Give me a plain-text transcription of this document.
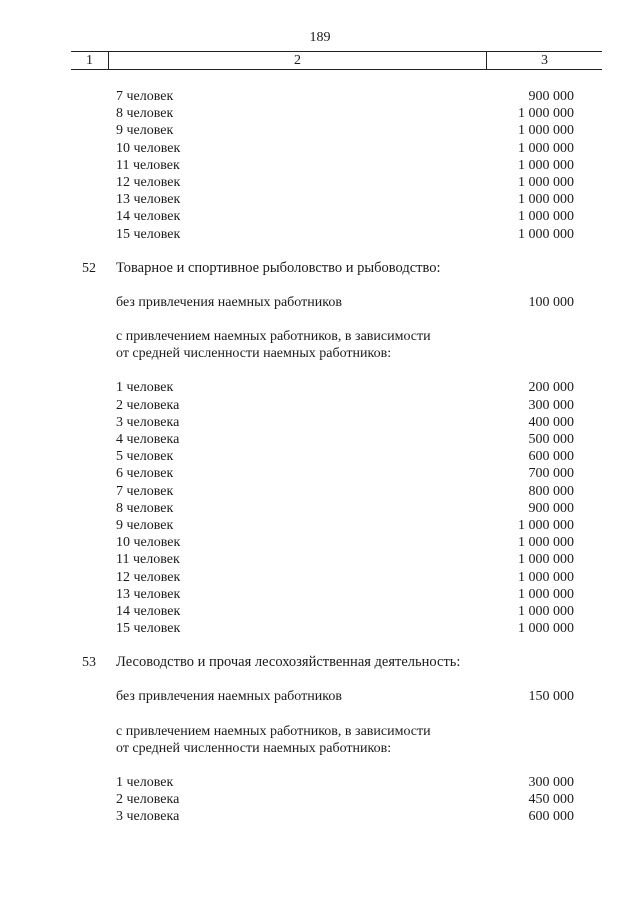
189
1	2	3
7 человек	900 000
8 человек	1 000 000
9 человек	1 000 000
10 человек	1 000 000
11 человек	1 000 000
12 человек	1 000 000
13 человек	1 000 000
14 человек	1 000 000
15 человек	1 000 000
52 Товарное и спортивное рыболовство и рыбоводство:
без привлечения наемных работников	100 000
с привлечением наемных работников, в зависимости
от средней численности наемных работников:
1 человек	200 000
2 человека	300 000
3 человека	400 000
4 человека	500 000
5 человек	600 000
6 человек	700 000
7 человек	800 000
8 человек	900 000
9 человек	1 000 000
10 человек	1 000 000
11 человек	1 000 000
12 человек	1 000 000
13 человек	1 000 000
14 человек	1 000 000
15 человек	1 000 000
53 Лесоводство и прочая лесохозяйственная деятельность:
без привлечения наемных работников	150 000
с привлечением наемных работников, в зависимости
от средней численности наемных работников:
1 человек	300 000
2 человека	450 000
3 человека	600 000
